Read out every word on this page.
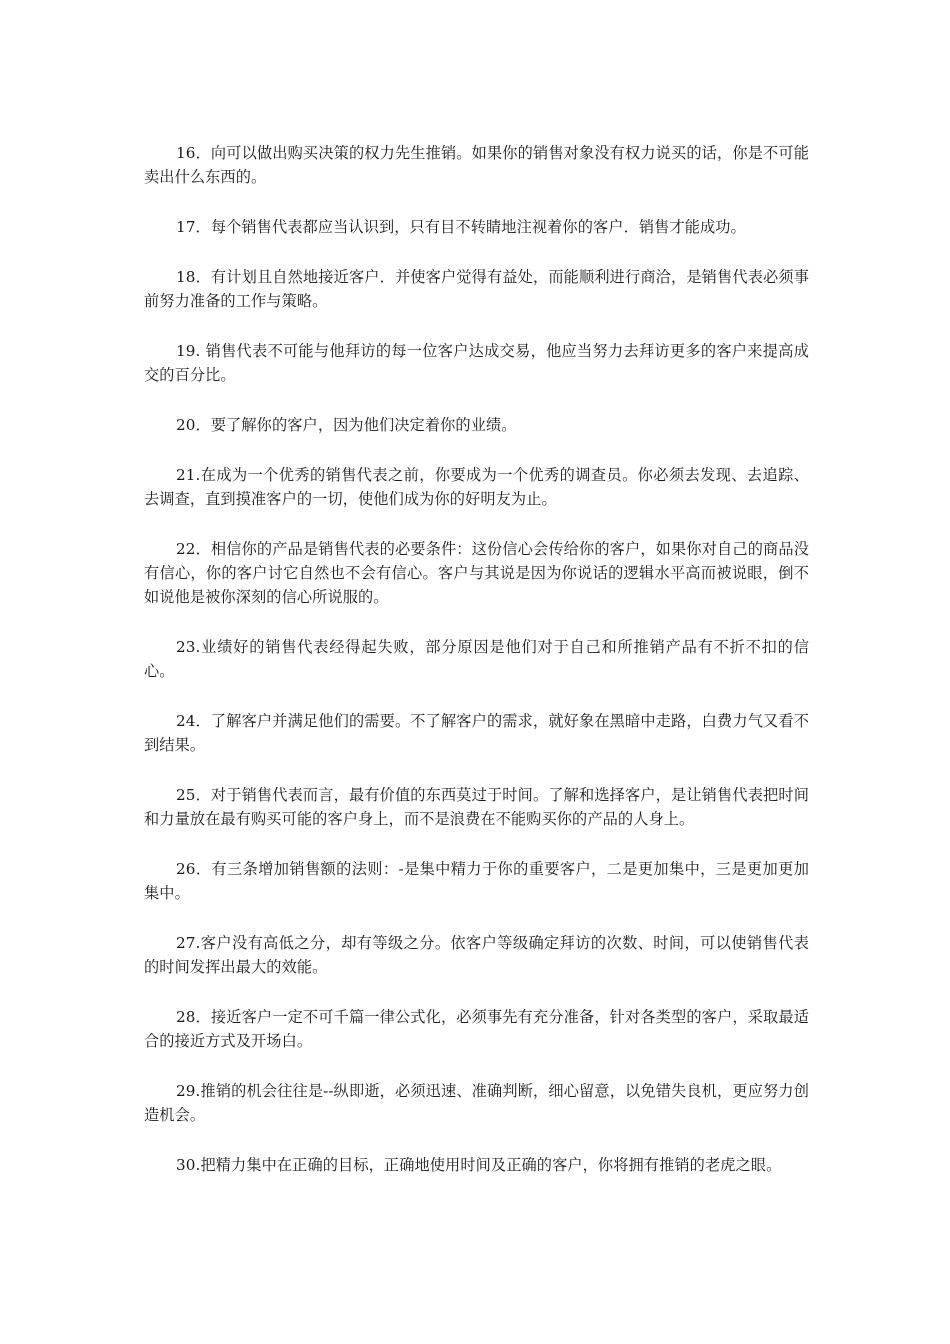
16．向可以做出购买决策的权力先生推销。如果你的销售对象没有权力说买的话，你是不可能卖出什么东西的。

17．每个销售代表都应当认识到，只有目不转睛地注视着你的客户．销售才能成功。

18．有计划且自然地接近客户．并使客户觉得有益处，而能顺利进行商洽，是销售代表必须事前努力准备的工作与策略。

19. 销售代表不可能与他拜访的每一位客户达成交易，他应当努力去拜访更多的客户来提高成交的百分比。

20．要了解你的客户，因为他们决定着你的业绩。

21.在成为一个优秀的销售代表之前，你要成为一个优秀的调查员。你必须去发现、去追踪、去调查，直到摸准客户的一切，使他们成为你的好明友为止。

22．相信你的产品是销售代表的必要条件：这份信心会传给你的客户，如果你对自己的商品没有信心，你的客户讨它自然也不会有信心。客户与其说是因为你说话的逻辑水平高而被说眼，倒不如说他是被你深刻的信心所说服的。

23.业绩好的销售代表经得起失败，部分原因是他们对于自己和所推销产品有不折不扣的信心。

24．了解客户并满足他们的需要。不了解客户的需求，就好象在黑暗中走路，白费力气又看不到结果。

25．对于销售代表而言，最有价值的东西莫过于时间。了解和选择客户，是让销售代表把时间和力量放在最有购买可能的客户身上，而不是浪费在不能购买你的产品的人身上。

26．有三条增加销售额的法则：-是集中精力于你的重要客户，二是更加集中，三是更加更加集中。

27.客户没有高低之分，却有等级之分。依客户等级确定拜访的次数、时间，可以使销售代表的时间发挥出最大的效能。

28．接近客户一定不可千篇一律公式化，必须事先有充分准备，针对各类型的客户，采取最适合的接近方式及开场白。

29.推销的机会往往是--纵即逝，必须迅速、准确判断，细心留意，以免错失良机，更应努力创造机会。

30.把精力集中在正确的目标，正确地使用时间及正确的客户，你将拥有推销的老虎之眼。
